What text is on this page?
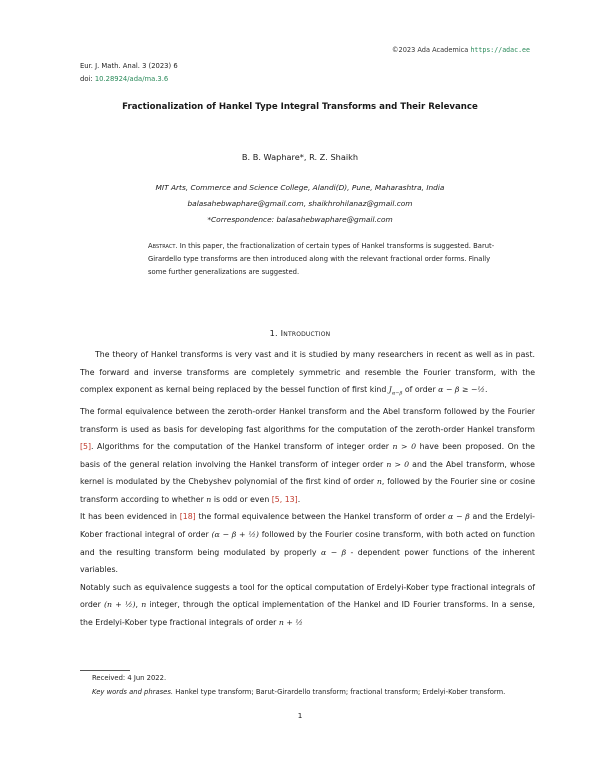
©2023 Ada Academica https://adac.ee
Eur. J. Math. Anal. 3 (2023) 6
doi: 10.28924/ada/ma.3.6
Fractionalization of Hankel Type Integral Transforms and Their Relevance
B. B. Waphare*, R. Z. Shaikh
MIT Arts, Commerce and Science College, Alandi(D), Pune, Maharashtra, India
balasahebwaphare@gmail.com, shaikhrohilanaz@gmail.com
*Correspondence: balasahebwaphare@gmail.com
Abstract. In this paper, the fractionalization of certain types of Hankel transforms is suggested. Barut-Girardello type transforms are then introduced along with the relevant fractional order forms. Finally some further generalizations are suggested.
1. Introduction

The theory of Hankel transforms is very vast and it is studied by many researchers in recent as well as in past. The forward and inverse transforms are completely symmetric and resemble the Fourier transform, with the complex exponent as kernal being replaced by the bessel function of first kind $J_{\alpha-\beta}$ of order α − β ≥ −½.

The formal equivalence between the zeroth-order Hankel transform and the Abel transform followed by the Fourier transform is used as basis for developing fast algorithms for the computation of the zeroth-order Hankel transform [5]. Algorithms for the computation of the Hankel transform of integer order n > 0 have been proposed. On the basis of the general relation involving the Hankel transform of integer order n > 0 and the Abel transform, whose kernel is modulated by the Chebyshev polynomial of the first kind of order n, followed by the Fourier sine or cosine transform according to whether n is odd or even [5, 13].

It has been evidenced in [18] the formal equivalence between the Hankel transform of order α − β and the Erdelyi-Kober fractional integral of order (α − β + ½) followed by the Fourier cosine transform, with both acted on function and the resulting transform being modulated by properly α − β - dependent power functions of the inherent variables.

Notably such as equivalence suggests a tool for the optical computation of Erdelyi-Kober type fractional integrals of order (n + ½), n integer, through the optical implementation of the Hankel and ID Fourier transforms. In a sense, the Erdelyi-Kober type fractional integrals of order n + ½

Received: 4 Jun 2022.
Key words and phrases. Hankel type transform; Barut-Girardello transform; fractional transform; Erdelyi-Kober transform.
1
